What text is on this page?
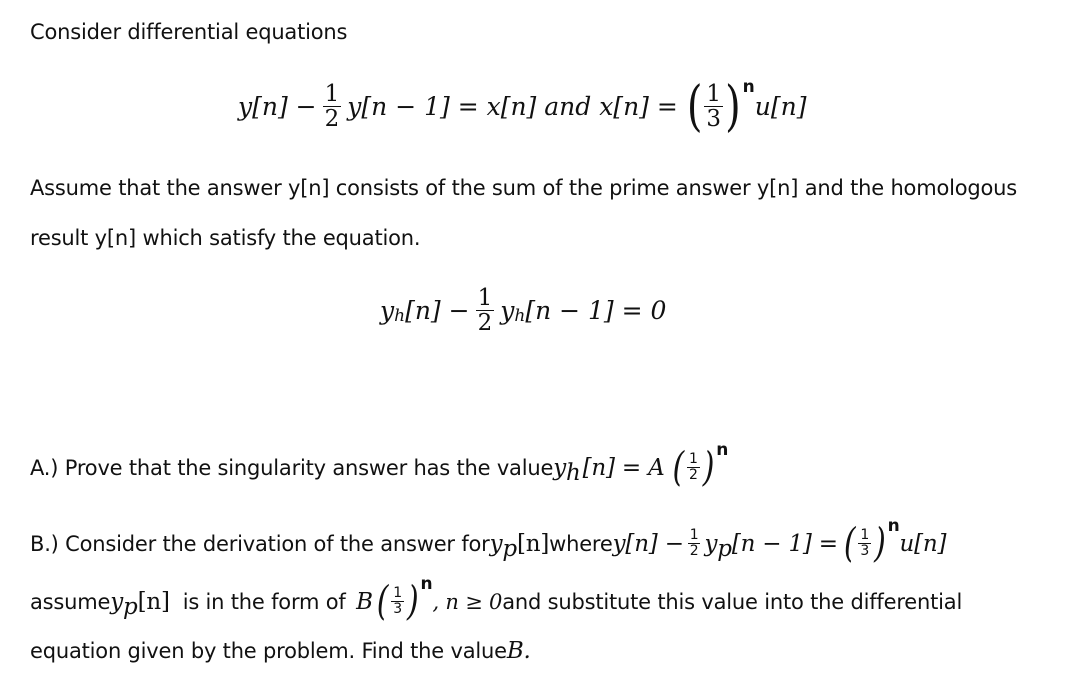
Consider differential equations
$y[n] - \frac{1}{2} y[n - 1] = x[n]$ and x[n] = ( $\frac{1}{3}$ ) n
u[n]
Assume that the answer y[n] consists of the sum of the prime answer y[n] and the homologous
result y[n] which satisfy the equation.
y h $[n] - \frac{1}{2}$ y h [n − 1] = 0
A.) Prove that the singularity answer has the value y h [n] = A ( $\frac{1}{2}$ ) n
B.) Consider the derivation of the answer for y p [n] where $y[n] - \frac{1}{2}$ y p [n − 1] = ( $\frac{1}{3}$ ) n
u[n]
assume y p [n] is in the form of B ( $\frac{1}{3}$ ) n
, n ≥ 0 and substitute this value into the differential
equation given by the problem. Find the value B.
